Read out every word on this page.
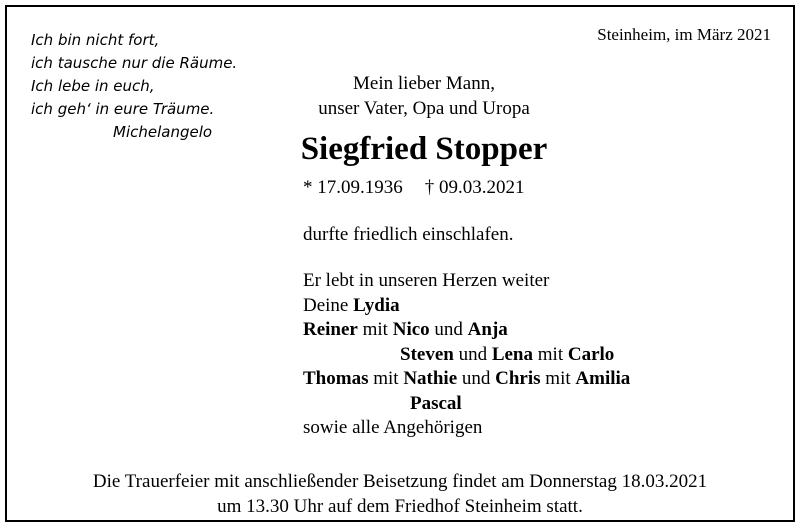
Ich bin nicht fort,
ich tausche nur die Räume.
Ich lebe in euch,
ich geh‘ in eure Träume.
Michelangelo
Steinheim, im März 2021
Mein lieber Mann,
unser Vater, Opa und Uropa
Siegfried Stopper
* 17.09.1936 † 09.03.2021
durfte friedlich einschlafen.
Er lebt in unseren Herzen weiter
Deine Lydia
Reiner mit Nico und Anja
Steven und Lena mit Carlo
Thomas mit Nathie und Chris mit Amilia
Pascal
sowie alle Angehörigen
Die Trauerfeier mit anschließender Beisetzung findet am Donnerstag 18.03.2021
um 13.30 Uhr auf dem Friedhof Steinheim statt.
